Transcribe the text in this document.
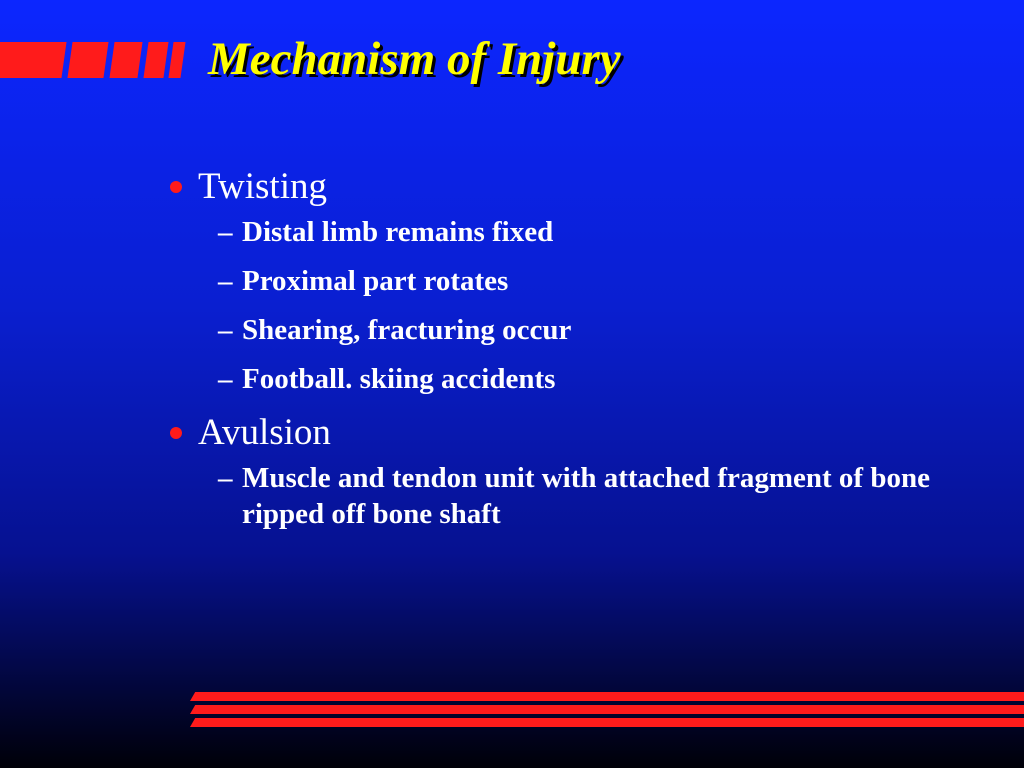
Mechanism of Injury
Twisting
– Distal limb remains fixed
– Proximal part rotates
– Shearing, fracturing occur
– Football. skiing accidents
Avulsion
– Muscle and tendon unit with attached fragment of bone ripped off bone shaft
